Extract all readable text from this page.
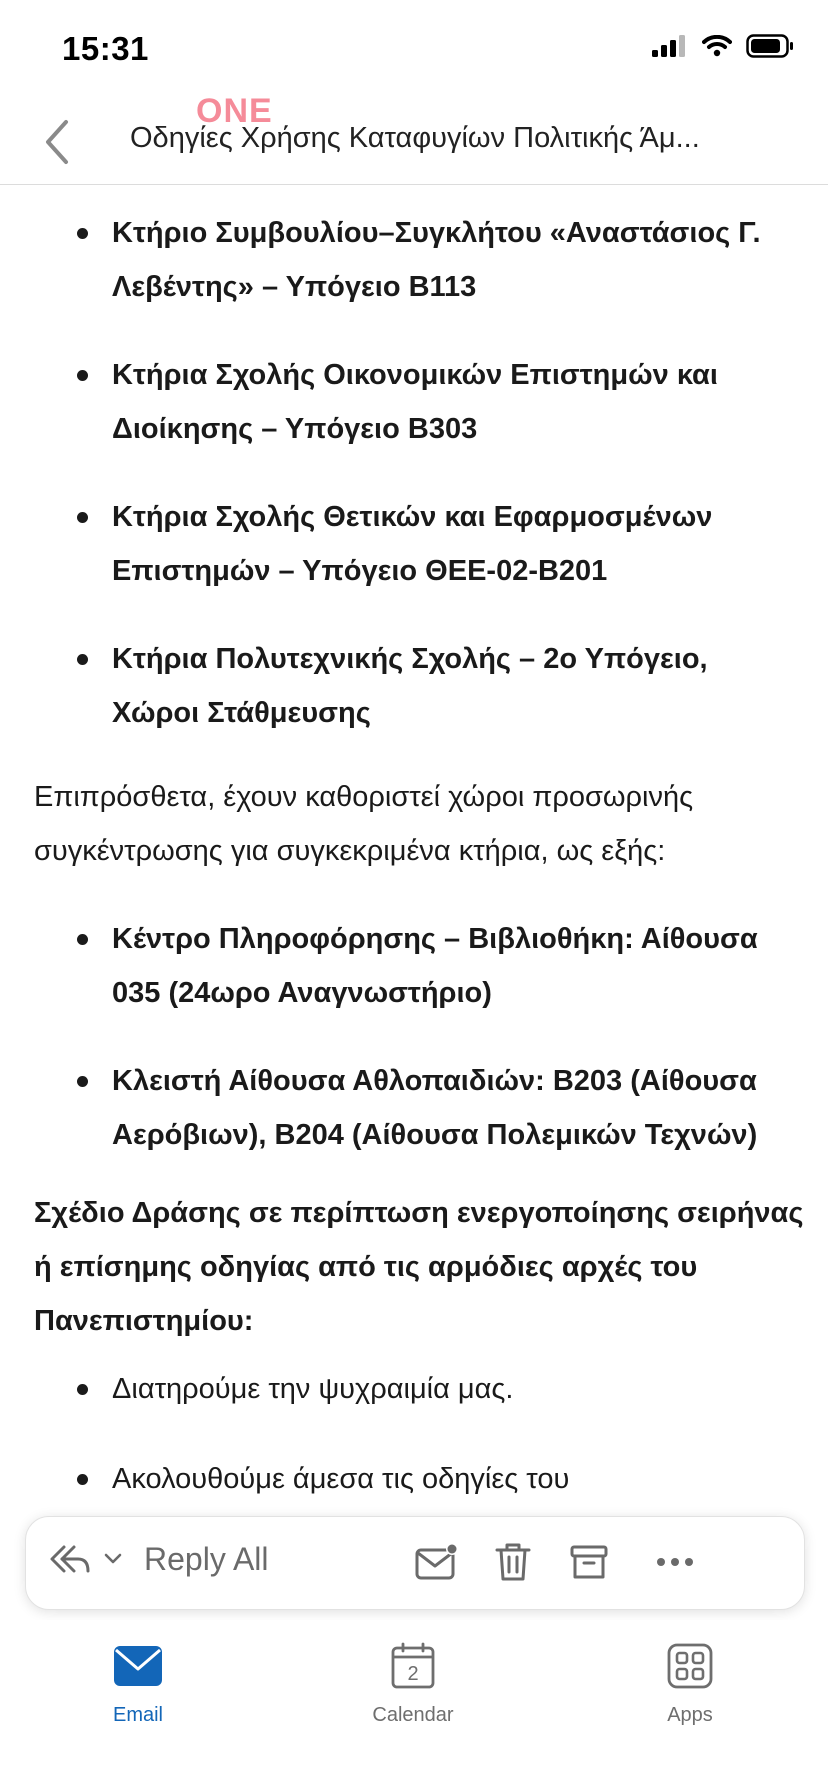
15:31
ONE
Οδηγίες Χρήσης Καταφυγίων Πολιτικής Άμ...
Κτήριο Συμβουλίου–Συγκλήτου «Αναστάσιος Γ. Λεβέντης» – Υπόγειο Β113
Κτήρια Σχολής Οικονομικών Επιστημών και Διοίκησης – Υπόγειο Β303
Κτήρια Σχολής Θετικών και Εφαρμοσμένων Επιστημών – Υπόγειο ΘΕΕ-02-Β201
Κτήρια Πολυτεχνικής Σχολής – 2ο Υπόγειο, Χώροι Στάθμευσης
Επιπρόσθετα, έχουν καθοριστεί χώροι προσωρινής συγκέντρωσης για συγκεκριμένα κτήρια, ως εξής:
Κέντρο Πληροφόρησης – Βιβλιοθήκη: Αίθουσα 035 (24ωρο Αναγνωστήριο)
Κλειστή Αίθουσα Αθλοπαιδιών: Β203 (Αίθουσα Αερόβιων), Β204 (Αίθουσα Πολεμικών Τεχνών)
Σχέδιο Δράσης σε περίπτωση ενεργοποίησης σειρήνας ή επίσημης οδηγίας από τις αρμόδιες αρχές του Πανεπιστημίου:
Διατηρούμε την ψυχραιμία μας.
Ακολουθούμε άμεσα τις οδηγίες του
Reply All
Email
2
Calendar	Apps
